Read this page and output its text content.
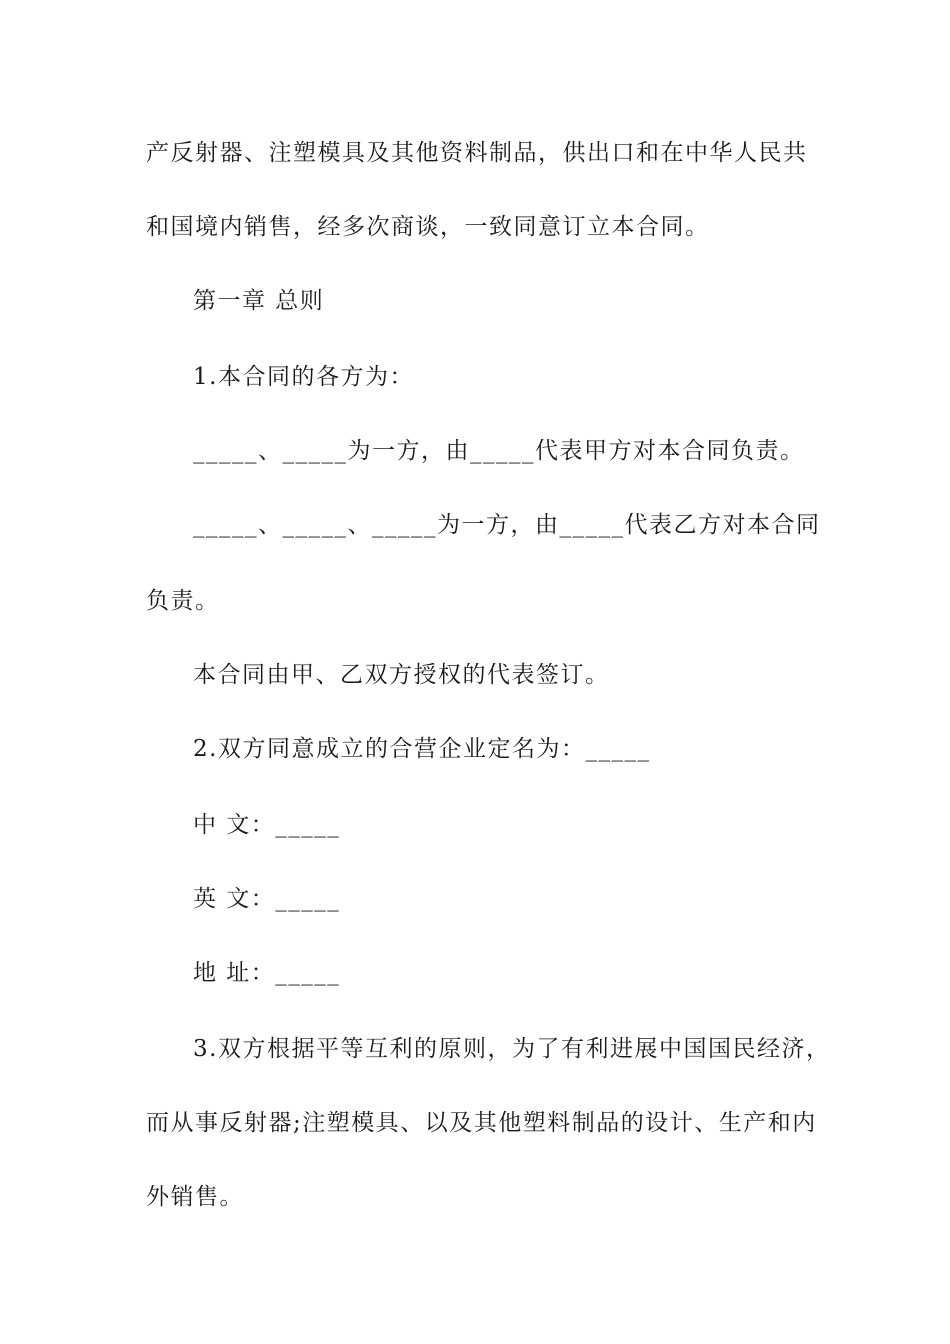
产反射器、注塑模具及其他资料制品，供出口和在中华人民共
和国境内销售，经多次商谈，一致同意订立本合同。
第一章 总则
1.本合同的各方为：
_____、_____为一方，由_____代表甲方对本合同负责。
_____、_____、_____为一方，由_____代表乙方对本合同
负责。
本合同由甲、乙双方授权的代表签订。
2.双方同意成立的合营企业定名为：_____
中 文：_____
英 文：_____
地 址：_____
3.双方根据平等互利的原则，为了有利进展中国国民经济，
而从事反射器;注塑模具、以及其他塑料制品的设计、生产和内
外销售。
